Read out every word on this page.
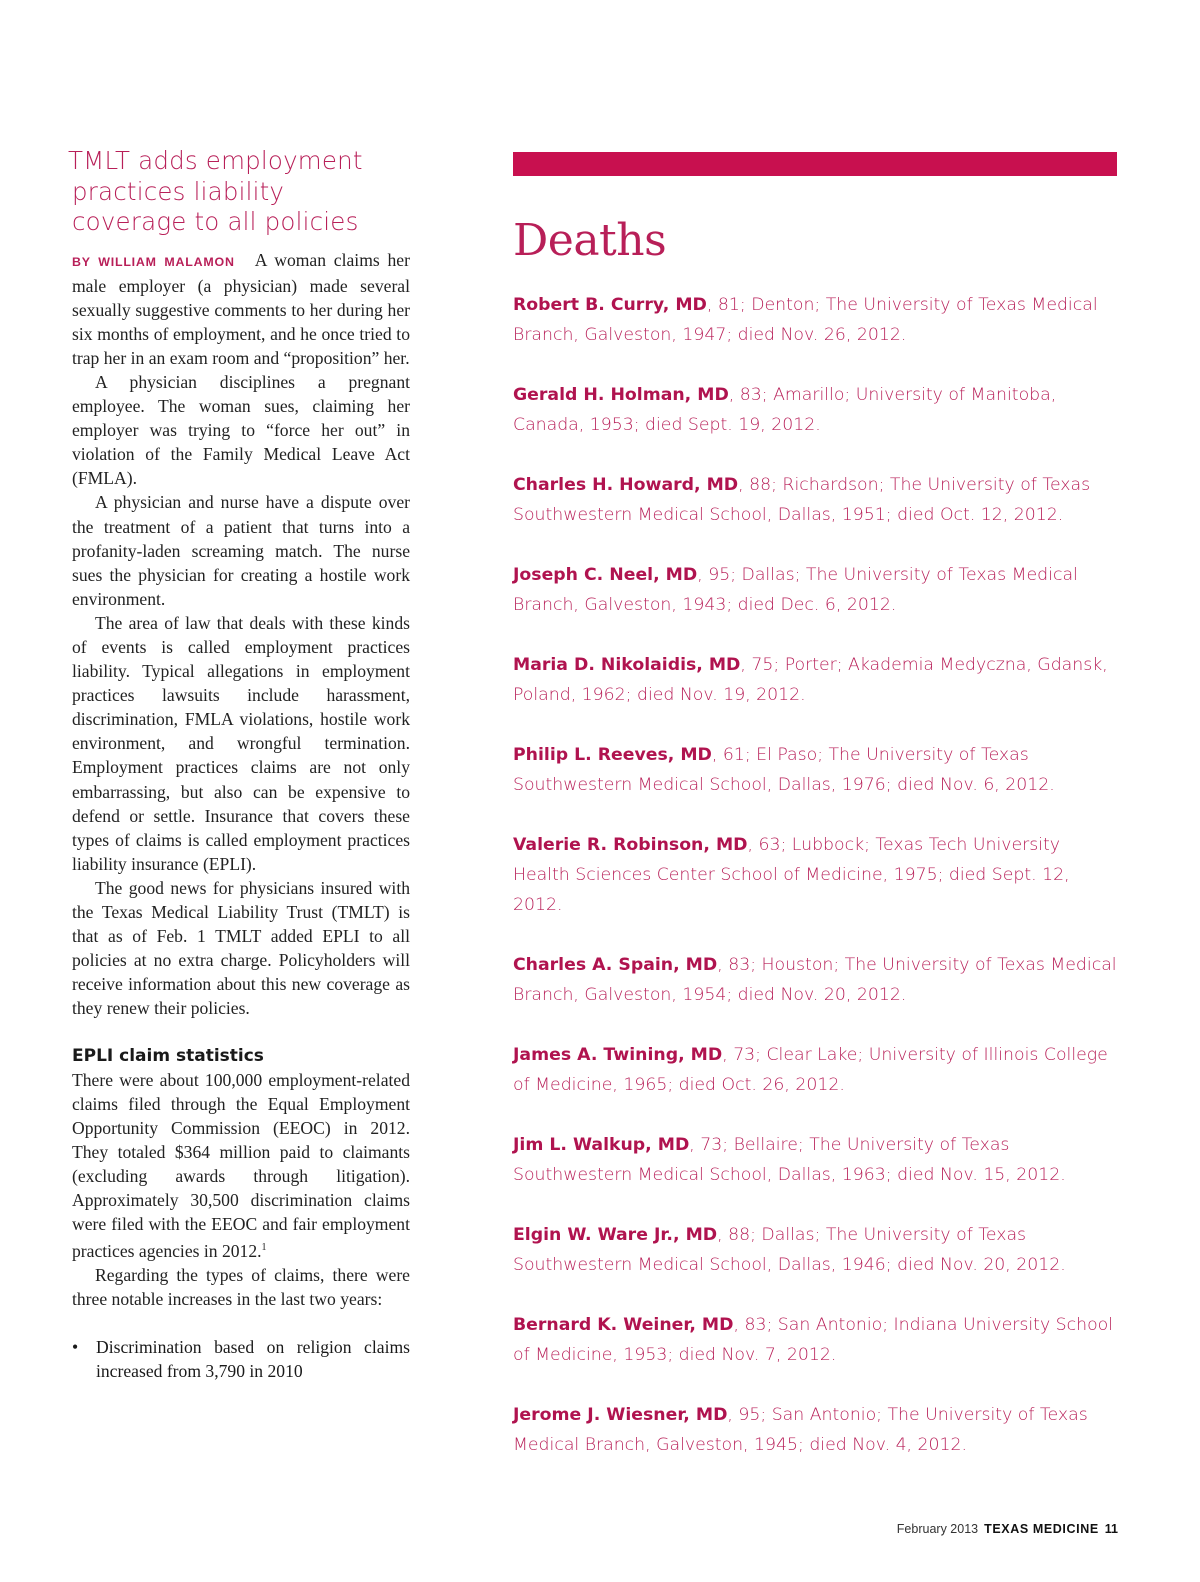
TMLT adds employment
practices liability
coverage to all policies

BY WILLIAM MALAMON A woman claims her male employer (a physician) made several sexually suggestive comments to her during her six months of employment, and he once tried to trap her in an exam room and “proposition” her.

A physician disciplines a pregnant employee. The woman sues, claiming her employer was trying to “force her out” in violation of the Family Medical Leave Act (FMLA).

A physician and nurse have a dispute over the treatment of a patient that turns into a profanity-laden screaming match. The nurse sues the physician for creating a hostile work environment.

The area of law that deals with these kinds of events is called employment practices liability. Typical allegations in employment practices lawsuits include harassment, discrimination, FMLA violations, hostile work environment, and wrongful termination. Employment practices claims are not only embarrassing, but also can be expensive to defend or settle. Insurance that covers these types of claims is called employment practices liability insurance (EPLI).

The good news for physicians insured with the Texas Medical Liability Trust (TMLT) is that as of Feb. 1 TMLT added EPLI to all policies at no extra charge. Policyholders will receive information about this new coverage as they renew their policies.

EPLI claim statistics

There were about 100,000 employment-related claims filed through the Equal Employment Opportunity Commission (EEOC) in 2012. They totaled $364 million paid to claimants (excluding awards through litigation). Approximately 30,500 discrimination claims were filed with the EEOC and fair employment practices agencies in 2012.$^1$

Regarding the types of claims, there were three notable increases in the last two years:

• Discrimination based on religion claims increased from 3,790 in 2010
Deaths

Robert B. Curry, MD, 81; Denton; The University of Texas Medical Branch, Galveston, 1947; died Nov. 26, 2012.

Gerald H. Holman, MD, 83; Amarillo; University of Manitoba, Canada, 1953; died Sept. 19, 2012.

Charles H. Howard, MD, 88; Richardson; The University of Texas Southwestern Medical School, Dallas, 1951; died Oct. 12, 2012.

Joseph C. Neel, MD, 95; Dallas; The University of Texas Medical Branch, Galveston, 1943; died Dec. 6, 2012.

Maria D. Nikolaidis, MD, 75; Porter; Akademia Medyczna, Gdansk, Poland, 1962; died Nov. 19, 2012.

Philip L. Reeves, MD, 61; El Paso; The University of Texas Southwestern Medical School, Dallas, 1976; died Nov. 6, 2012.

Valerie R. Robinson, MD, 63; Lubbock; Texas Tech University Health Sciences Center School of Medicine, 1975; died Sept. 12, 2012.

Charles A. Spain, MD, 83; Houston; The University of Texas Medical Branch, Galveston, 1954; died Nov. 20, 2012.

James A. Twining, MD, 73; Clear Lake; University of Illinois College of Medicine, 1965; died Oct. 26, 2012.

Jim L. Walkup, MD, 73; Bellaire; The University of Texas Southwestern Medical School, Dallas, 1963; died Nov. 15, 2012.

Elgin W. Ware Jr., MD, 88; Dallas; The University of Texas Southwestern Medical School, Dallas, 1946; died Nov. 20, 2012.

Bernard K. Weiner, MD, 83; San Antonio; Indiana University School of Medicine, 1953; died Nov. 7, 2012.

Jerome J. Wiesner, MD, 95; San Antonio; The University of Texas Medical Branch, Galveston, 1945; died Nov. 4, 2012.

February 2013 TEXAS MEDICINE 11
